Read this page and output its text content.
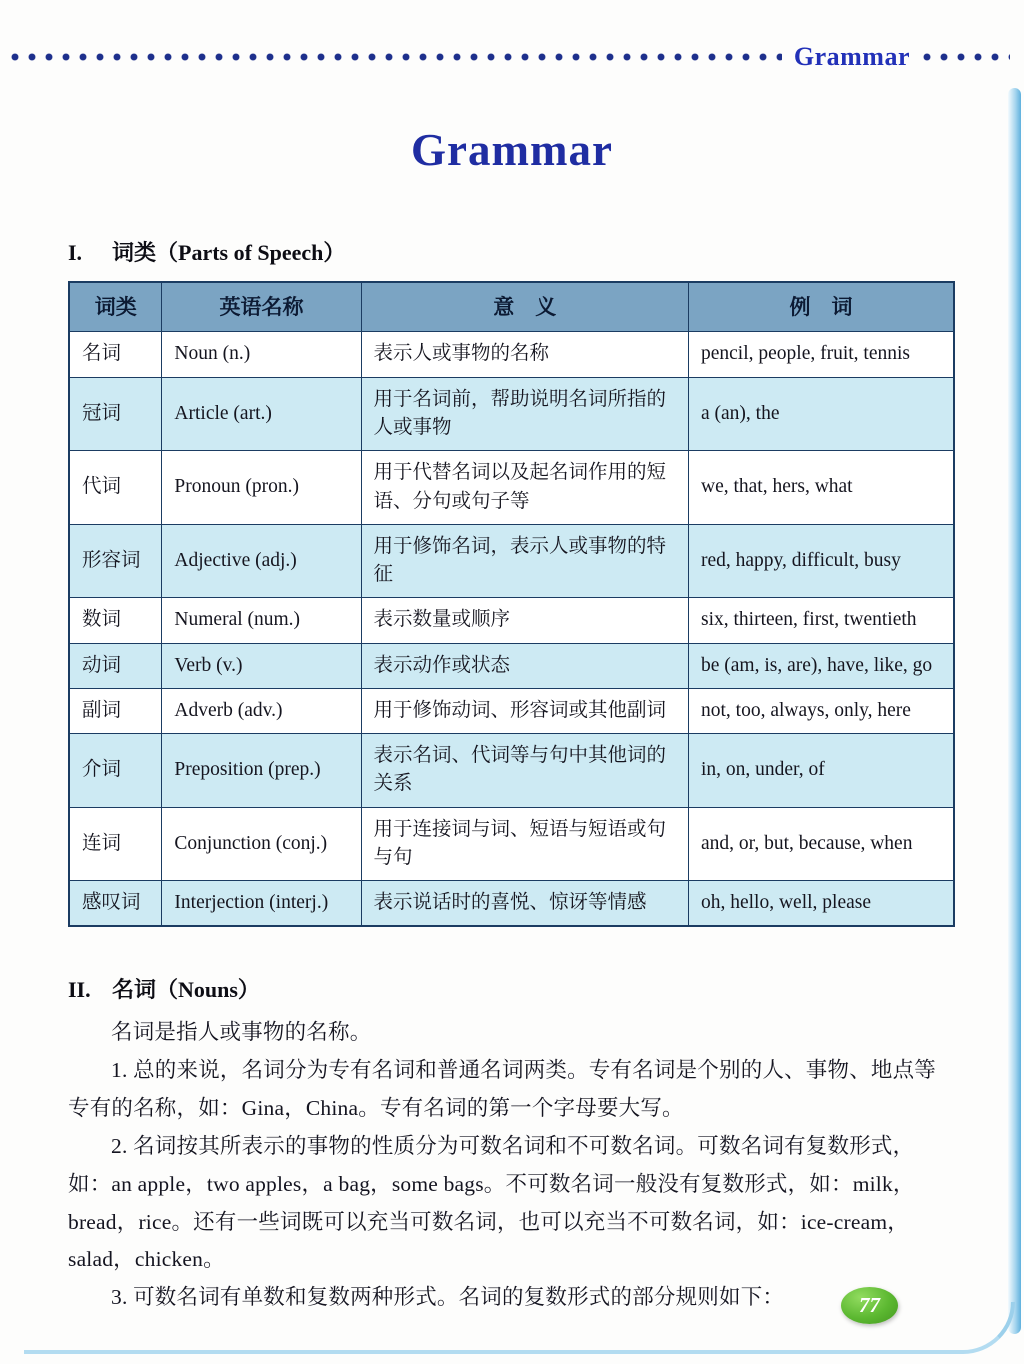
Grammar
Grammar
I. 词类（Parts of Speech）
词类	英语名称	意　义	例　词
名词	Noun (n.)	表示人或事物的名称	pencil, people, fruit, tennis
冠词	Article (art.)	用于名词前，帮助说明名词所指的人或事物	a (an), the
代词	Pronoun (pron.)	用于代替名词以及起名词作用的短语、分句或句子等	we, that, hers, what
形容词	Adjective (adj.)	用于修饰名词，表示人或事物的特征	red, happy, difficult, busy
数词	Numeral (num.)	表示数量或顺序	six, thirteen, first, twentieth
动词	Verb (v.)	表示动作或状态	be (am, is, are), have, like, go
副词	Adverb (adv.)	用于修饰动词、形容词或其他副词	not, too, always, only, here
介词	Preposition (prep.)	表示名词、代词等与句中其他词的关系	in, on, under, of
连词	Conjunction (conj.)	用于连接词与词、短语与短语或句与句	and, or, but, because, when
感叹词	Interjection (interj.)	表示说话时的喜悦、惊讶等情感	oh, hello, well, please
II. 名词（Nouns）

名词是指人或事物的名称。

1. 总的来说，名词分为专有名词和普通名词两类。专有名词是个别的人、事物、地点等专有的名称，如：Gina，China。专有名词的第一个字母要大写。

2. 名词按其所表示的事物的性质分为可数名词和不可数名词。可数名词有复数形式，如：an apple，two apples，a bag，some bags。不可数名词一般没有复数形式，如：milk，bread，rice。还有一些词既可以充当可数名词，也可以充当不可数名词，如：ice-cream，salad，chicken。

3. 可数名词有单数和复数两种形式。名词的复数形式的部分规则如下：	77
